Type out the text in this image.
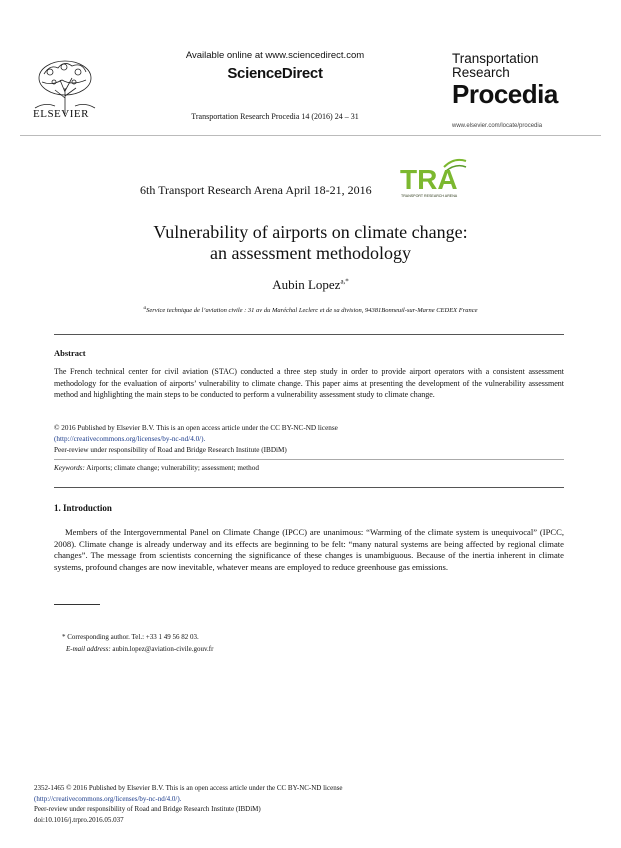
ELSEVIER
Available online at www.sciencedirect.com
ScienceDirect
Transportation Research Procedia 14 (2016) 24 – 31
Transportation
Research
Procedia
www.elsevier.com/locate/procedia
6th Transport Research Arena April 18-21, 2016 TRA
TRANSPORT RESEARCH ARENA
Vulnerability of airports on climate change:
an assessment methodology
Aubin Lopez$^{a,*}$
$^a$Service technique de l’aviation civile : 31 av du Maréchal Leclerc et de sa division, 94381Bonneuil-sur-Marne CEDEX France
Abstract
The French technical center for civil aviation (STAC) conducted a three step study in order to provide airport operators with a consistent assessment methodology for the evaluation of airports’ vulnerability to climate change. This paper aims at presenting the development of the vulnerability assessment method and highlighting the main steps to be conducted to perform a vulnerability assessment study to climate change.
© 2016 Published by Elsevier B.V. This is an open access article under the CC BY-NC-ND license
(http://creativecommons.org/licenses/by-nc-nd/4.0/).
Peer-review under responsibility of Road and Bridge Research Institute (IBDiM)
Keywords: Airports; climate change; vulnerability; assessment; method
1. Introduction
Members of the Intergovernmental Panel on Climate Change (IPCC) are unanimous: “Warming of the climate system is unequivocal” (IPCC, 2008). Climate change is already underway and its effects are beginning to be felt: “many natural systems are being affected by regional climate changes”. The message from scientists concerning the significance of these changes is unambiguous. Because of the inertia inherent in climate systems, profound changes are now inevitable, whatever means are employed to reduce greenhouse gas emissions.
* Corresponding author. Tel.: +33 1 49 56 82 03.
E-mail address: aubin.lopez@aviation-civile.gouv.fr
2352-1465 © 2016 Published by Elsevier B.V. This is an open access article under the CC BY-NC-ND license
(http://creativecommons.org/licenses/by-nc-nd/4.0/).
Peer-review under responsibility of Road and Bridge Research Institute (IBDiM)
doi:10.1016/j.trpro.2016.05.037
